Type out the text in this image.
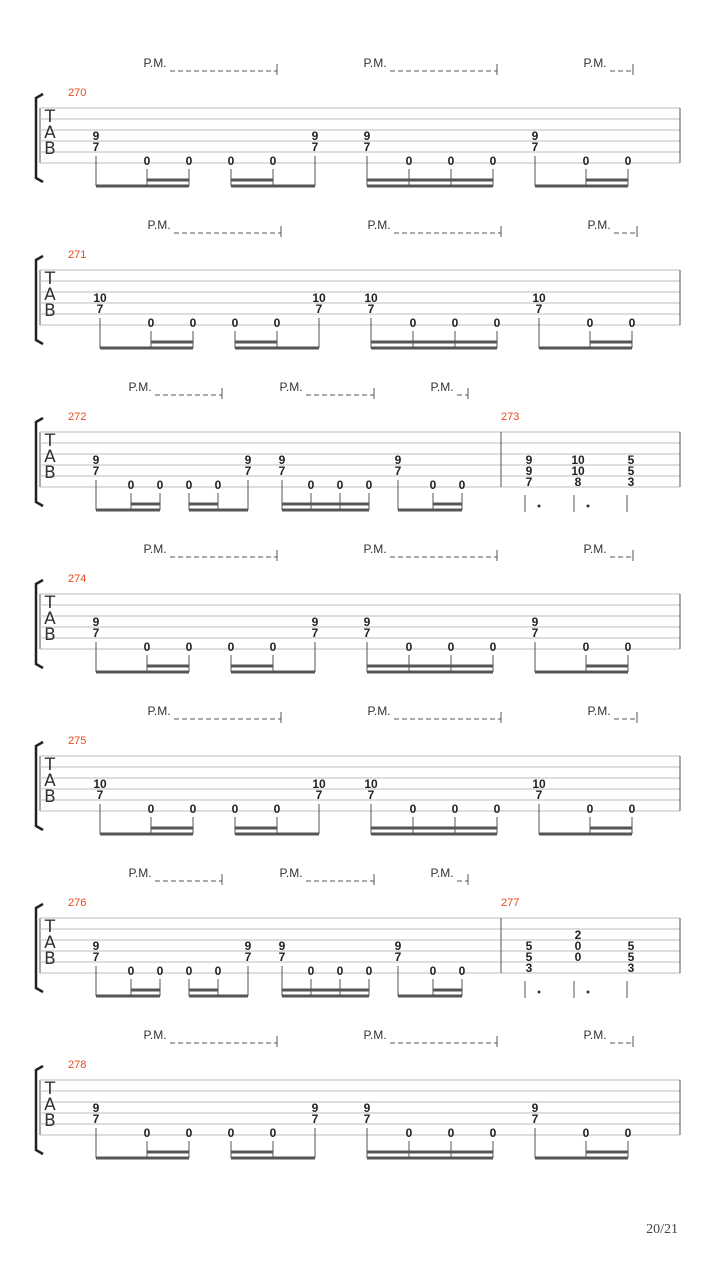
T
A
B
270
P.M.	P.M.	P.M.
9
7
0	0	0	0
9
7
9
7
0	0	0
9
7
0	0
T
A
B
271
P.M.	P.M.	P.M.
10
7
0	0	0	0
10
7
10
7
0	0	0
10
7
0	0
T
A
B
272
P.M.	P.M.	P.M.
9
7
0 0 0 0
9
7
9
7
0 0 0
9
7
0 0
273
9
9
7
10
10
8
5
5
3
T
A
B
274
P.M.	P.M.	P.M.
9
7
0	0	0	0
9
7
9
7
0	0	0
9
7
0	0
T
A
B
275
P.M.	P.M.	P.M.
10
7
0	0	0	0
10
7
10
7
0	0	0
10
7
0	0
T
A
B
276
P.M.	P.M.	P.M.
9
7
0 0 0 0
9
7
9
7
0 0 0
9
7
0 0
277
5
5
3
2
0
0
5
5
3
T
A
B
278
P.M.	P.M.	P.M.
9
7
0	0	0	0
9
7
9
7
0	0	0
9
7
0	0
20/21
